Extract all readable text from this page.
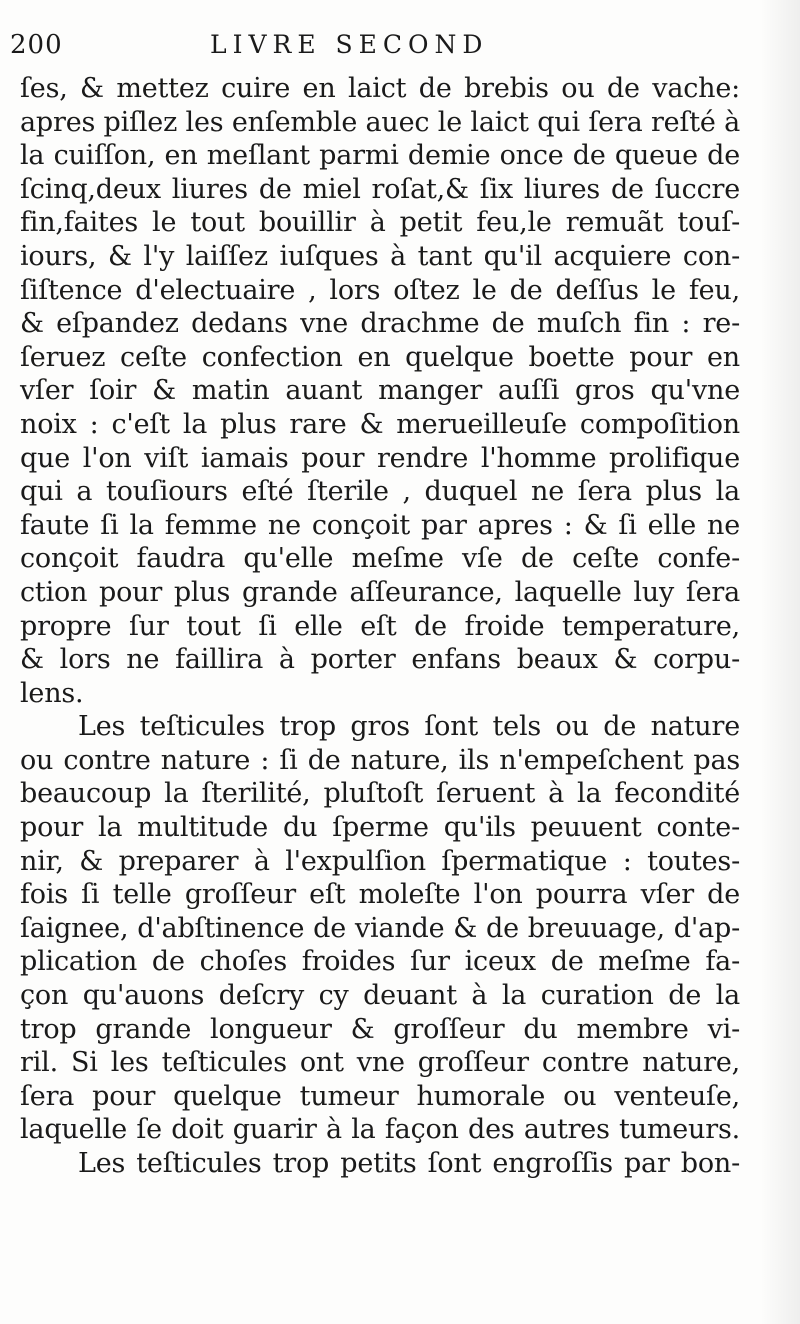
200	LIVRE SECOND
ſes, & mettez cuire en laict de brebis ou de vache:
apres piſlez les enſemble auec le laict qui ſera reſté à
la cuiſſon, en meſlant parmi demie once de queue de
ſcinq,deux liures de miel roſat,& ſix liures de ſuccre
fin,faites le tout bouillir à petit feu,le remuãt touſ-
iours, & l'y laiſſez iuſques à tant qu'il acquiere con-
ſiſtence d'electuaire , lors oſtez le de deſſus le feu,
& eſpandez dedans vne drachme de muſch fin : re-
ſeruez ceſte confection en quelque boette pour en
vſer ſoir & matin auant manger auſſi gros qu'vne
noix : c'eſt la plus rare & merueilleuſe compoſition
que l'on viſt iamais pour rendre l'homme prolifique
qui a touſiours eſté ſterile , duquel ne ſera plus la
faute ſi la femme ne conçoit par apres : & ſi elle ne
conçoit faudra qu'elle meſme vſe de ceſte confe-
ction pour plus grande aſſeurance, laquelle luy ſera
propre ſur tout ſi elle eſt de froide temperature,
& lors ne faillira à porter enfans beaux & corpu-
lens.
Les teſticules trop gros ſont tels ou de nature
ou contre nature : ſi de nature, ils n'empeſchent pas
beaucoup la ſterilité, pluſtoſt ſeruent à la fecondité
pour la multitude du ſperme qu'ils peuuent conte-
nir, & preparer à l'expulſion ſpermatique : toutes-
fois ſi telle groſſeur eſt moleſte l'on pourra vſer de
ſaignee, d'abſtinence de viande & de breuuage, d'ap-
plication de choſes froides ſur iceux de meſme fa-
çon qu'auons deſcry cy deuant à la curation de la
trop grande longueur & groſſeur du membre vi-
ril. Si les teſticules ont vne groſſeur contre nature,
ſera pour quelque tumeur humorale ou venteuſe,
laquelle ſe doit guarir à la façon des autres tumeurs.
Les teſticules trop petits ſont engroſſis par bon-
